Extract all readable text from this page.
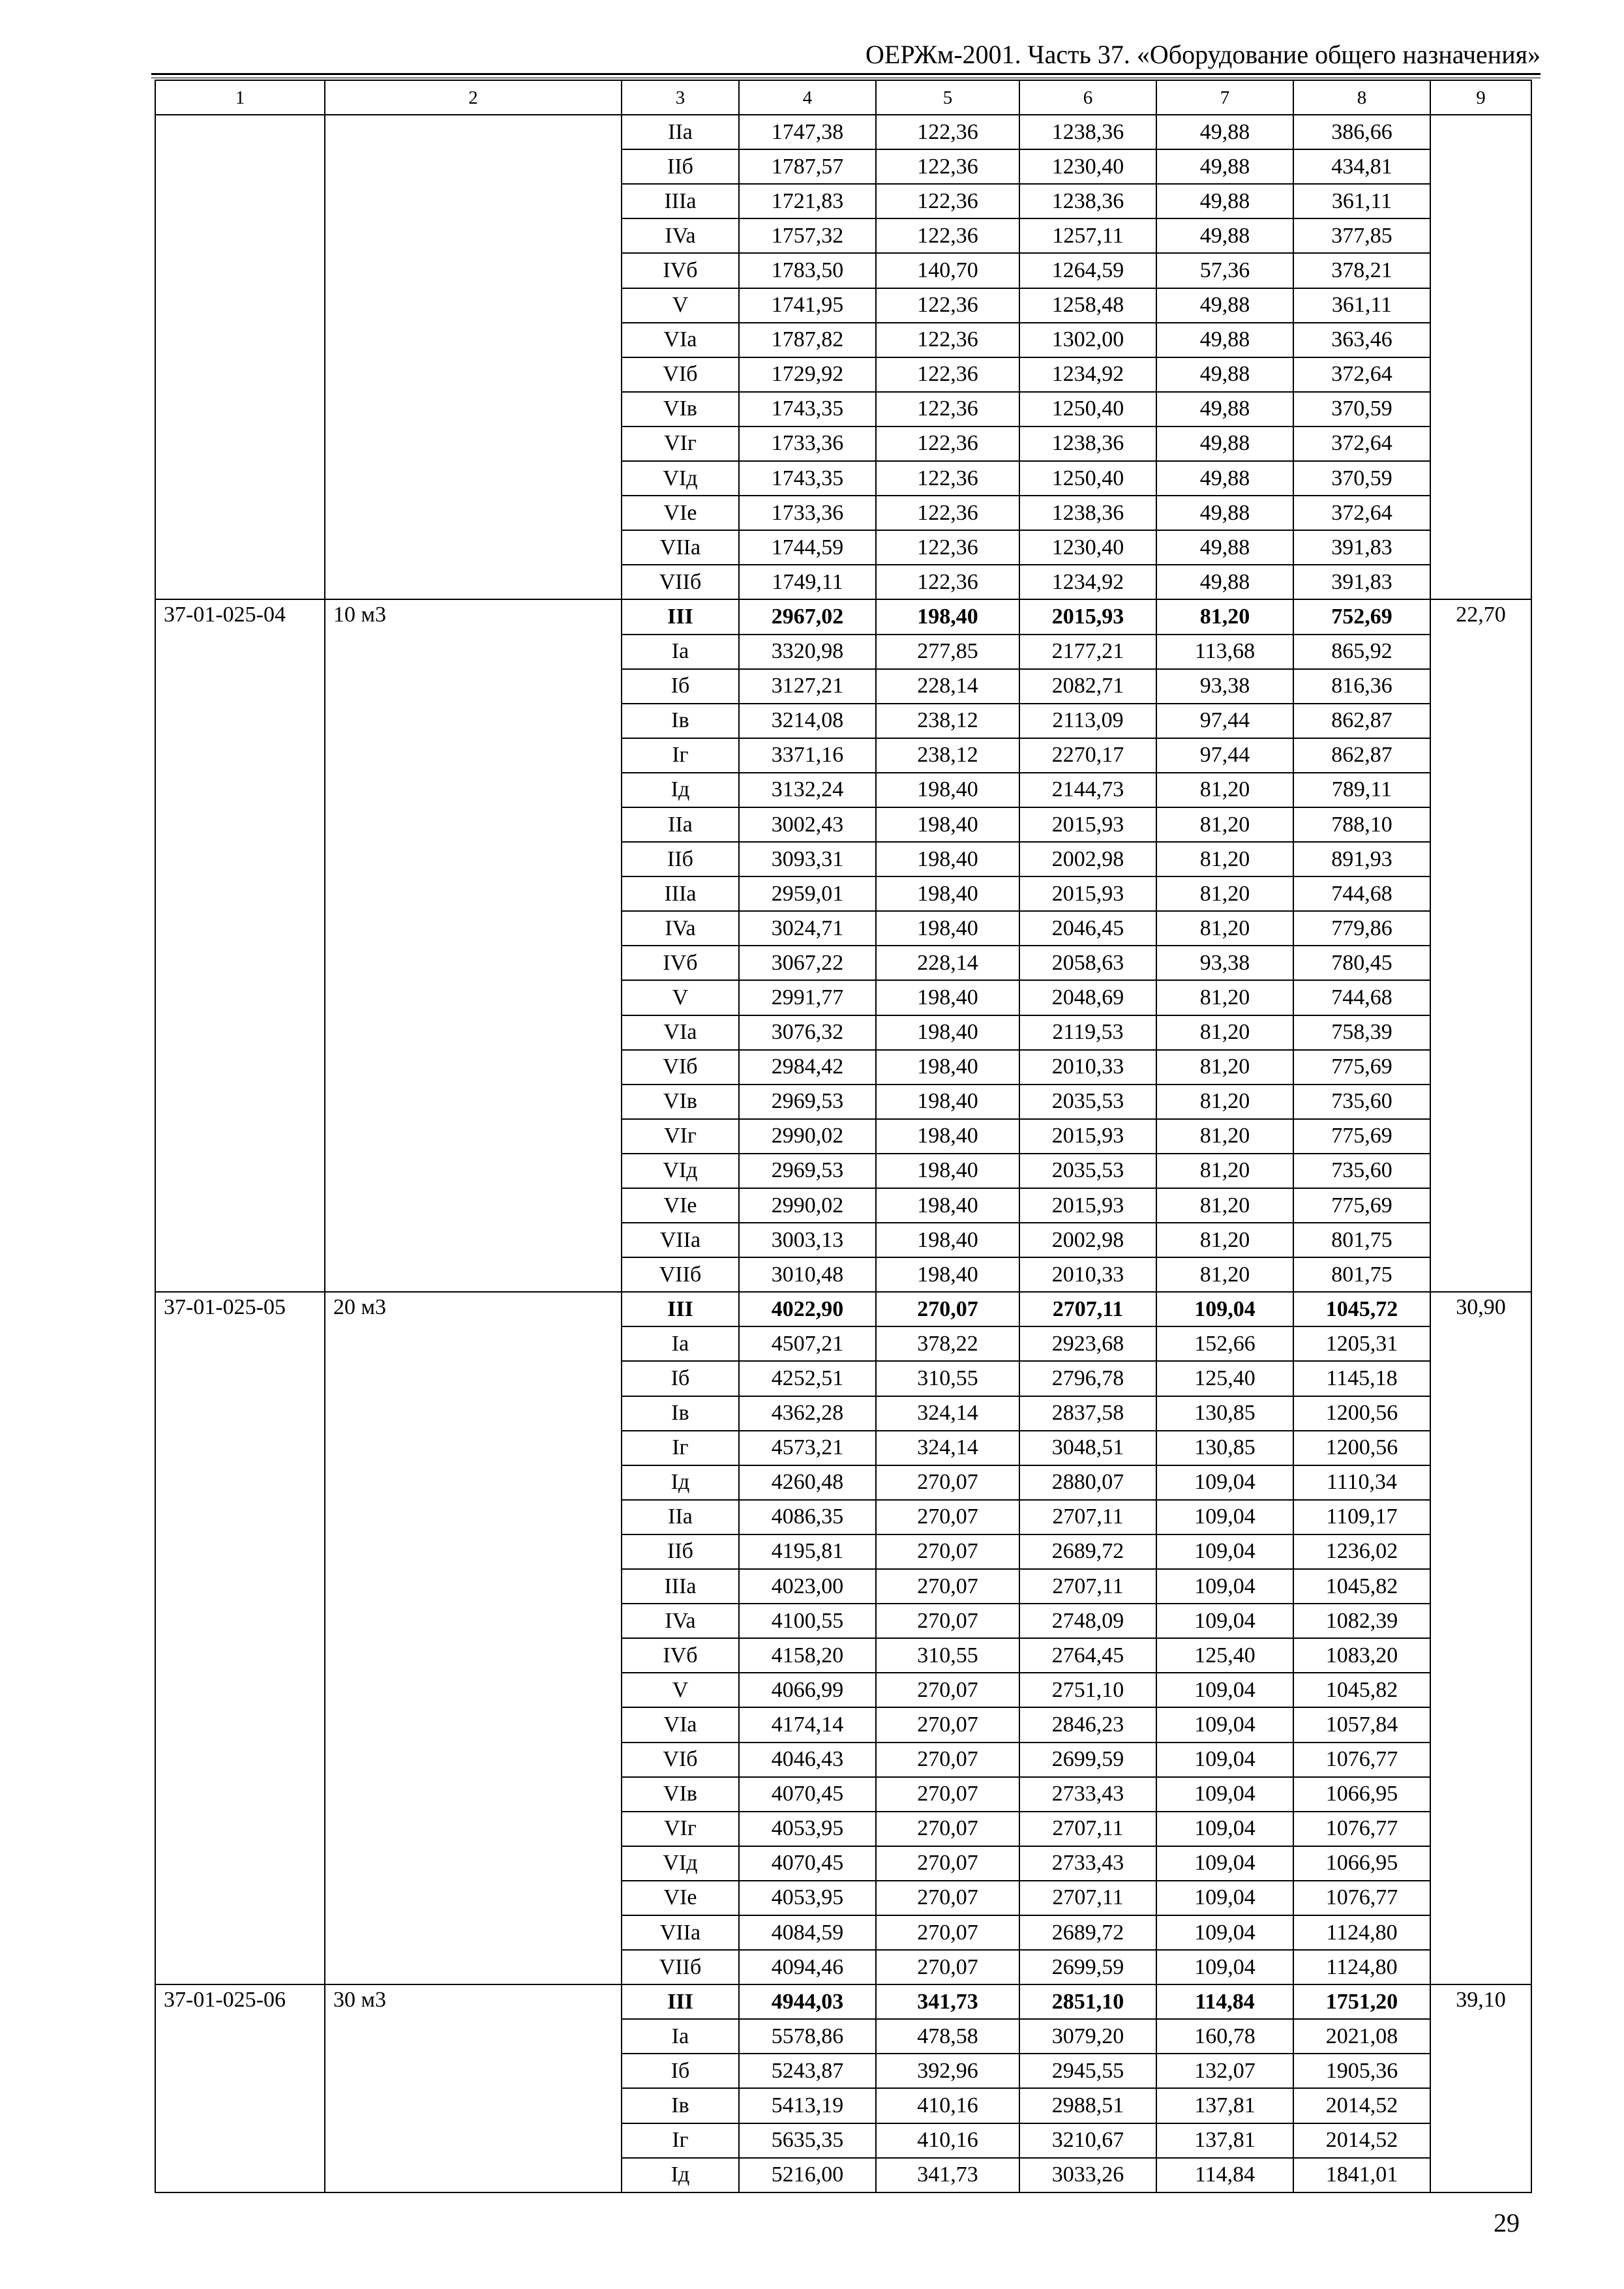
ОЕРЖм-2001. Часть 37. «Оборудование общего назначения»
1	2	3	4	5	6	7	8	9
		IIa	1747,38	122,36	1238,36	49,88	386,66	
		IIб	1787,57	122,36	1230,40	49,88	434,81	
		IIIa	1721,83	122,36	1238,36	49,88	361,11	
		IVa	1757,32	122,36	1257,11	49,88	377,85	
		IVб	1783,50	140,70	1264,59	57,36	378,21	
		V	1741,95	122,36	1258,48	49,88	361,11	
		VIa	1787,82	122,36	1302,00	49,88	363,46	
		VIб	1729,92	122,36	1234,92	49,88	372,64	
		VIв	1743,35	122,36	1250,40	49,88	370,59	
		VIг	1733,36	122,36	1238,36	49,88	372,64	
		VIд	1743,35	122,36	1250,40	49,88	370,59	
		VIe	1733,36	122,36	1238,36	49,88	372,64	
		VIIa	1744,59	122,36	1230,40	49,88	391,83	
		VIIб	1749,11	122,36	1234,92	49,88	391,83	
37-01-025-04	10 м3	III	2967,02	198,40	2015,93	81,20	752,69	22,70
		Ia	3320,98	277,85	2177,21	113,68	865,92	
		Iб	3127,21	228,14	2082,71	93,38	816,36	
		Iв	3214,08	238,12	2113,09	97,44	862,87	
		Iг	3371,16	238,12	2270,17	97,44	862,87	
		Iд	3132,24	198,40	2144,73	81,20	789,11	
		IIa	3002,43	198,40	2015,93	81,20	788,10	
		IIб	3093,31	198,40	2002,98	81,20	891,93	
		IIIa	2959,01	198,40	2015,93	81,20	744,68	
		IVa	3024,71	198,40	2046,45	81,20	779,86	
		IVб	3067,22	228,14	2058,63	93,38	780,45	
		V	2991,77	198,40	2048,69	81,20	744,68	
		VIa	3076,32	198,40	2119,53	81,20	758,39	
		VIб	2984,42	198,40	2010,33	81,20	775,69	
		VIв	2969,53	198,40	2035,53	81,20	735,60	
		VIг	2990,02	198,40	2015,93	81,20	775,69	
		VIд	2969,53	198,40	2035,53	81,20	735,60	
		VIe	2990,02	198,40	2015,93	81,20	775,69	
		VIIa	3003,13	198,40	2002,98	81,20	801,75	
		VIIб	3010,48	198,40	2010,33	81,20	801,75	
37-01-025-05	20 м3	III	4022,90	270,07	2707,11	109,04	1045,72	30,90
		Ia	4507,21	378,22	2923,68	152,66	1205,31	
		Iб	4252,51	310,55	2796,78	125,40	1145,18	
		Iв	4362,28	324,14	2837,58	130,85	1200,56	
		Iг	4573,21	324,14	3048,51	130,85	1200,56	
		Iд	4260,48	270,07	2880,07	109,04	1110,34	
		IIa	4086,35	270,07	2707,11	109,04	1109,17	
		IIб	4195,81	270,07	2689,72	109,04	1236,02	
		IIIa	4023,00	270,07	2707,11	109,04	1045,82	
		IVa	4100,55	270,07	2748,09	109,04	1082,39	
		IVб	4158,20	310,55	2764,45	125,40	1083,20	
		V	4066,99	270,07	2751,10	109,04	1045,82	
		VIa	4174,14	270,07	2846,23	109,04	1057,84	
		VIб	4046,43	270,07	2699,59	109,04	1076,77	
		VIв	4070,45	270,07	2733,43	109,04	1066,95	
		VIг	4053,95	270,07	2707,11	109,04	1076,77	
		VIд	4070,45	270,07	2733,43	109,04	1066,95	
		VIe	4053,95	270,07	2707,11	109,04	1076,77	
		VIIa	4084,59	270,07	2689,72	109,04	1124,80	
		VIIб	4094,46	270,07	2699,59	109,04	1124,80	
37-01-025-06	30 м3	III	4944,03	341,73	2851,10	114,84	1751,20	39,10
		Ia	5578,86	478,58	3079,20	160,78	2021,08	
		Iб	5243,87	392,96	2945,55	132,07	1905,36	
		Iв	5413,19	410,16	2988,51	137,81	2014,52	
		Iг	5635,35	410,16	3210,67	137,81	2014,52	
		Iд	5216,00	341,73	3033,26	114,84	1841,01	
29
